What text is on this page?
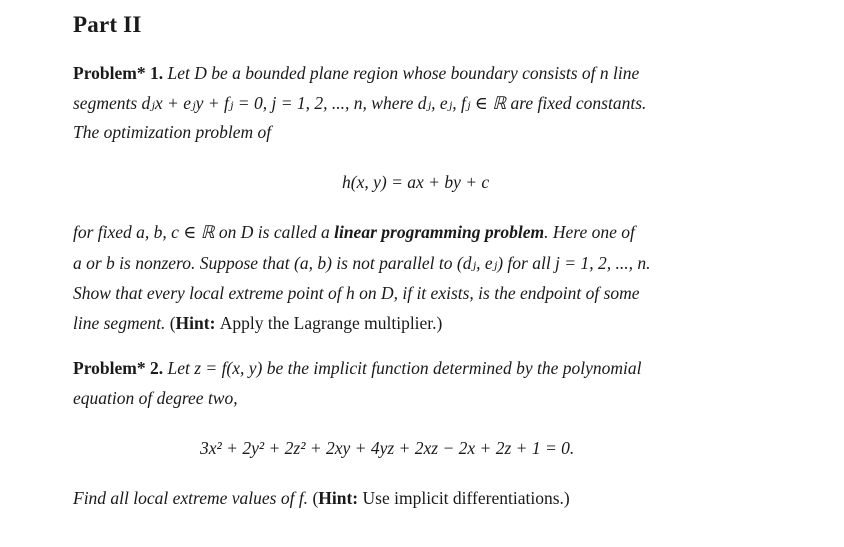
Part II
Problem* 1. Let D be a bounded plane region whose boundary consists of n line
segments dⱼx + eⱼy + fⱼ = 0, j = 1, 2, ..., n, where dⱼ, eⱼ, fⱼ ∈ ℝ are fixed constants.
The optimization problem of
h(x, y) = ax + by + c
for fixed a, b, c ∈ ℝ on D is called a linear programming problem. Here one of
a or b is nonzero. Suppose that (a, b) is not parallel to (dⱼ, eⱼ) for all j = 1, 2, ..., n.
Show that every local extreme point of h on D, if it exists, is the endpoint of some
line segment. (Hint: Apply the Lagrange multiplier.)
Problem* 2. Let z = f(x, y) be the implicit function determined by the polynomial
equation of degree two,
3x² + 2y² + 2z² + 2xy + 4yz + 2xz − 2x + 2z + 1 = 0.
Find all local extreme values of f. (Hint: Use implicit differentiations.)
